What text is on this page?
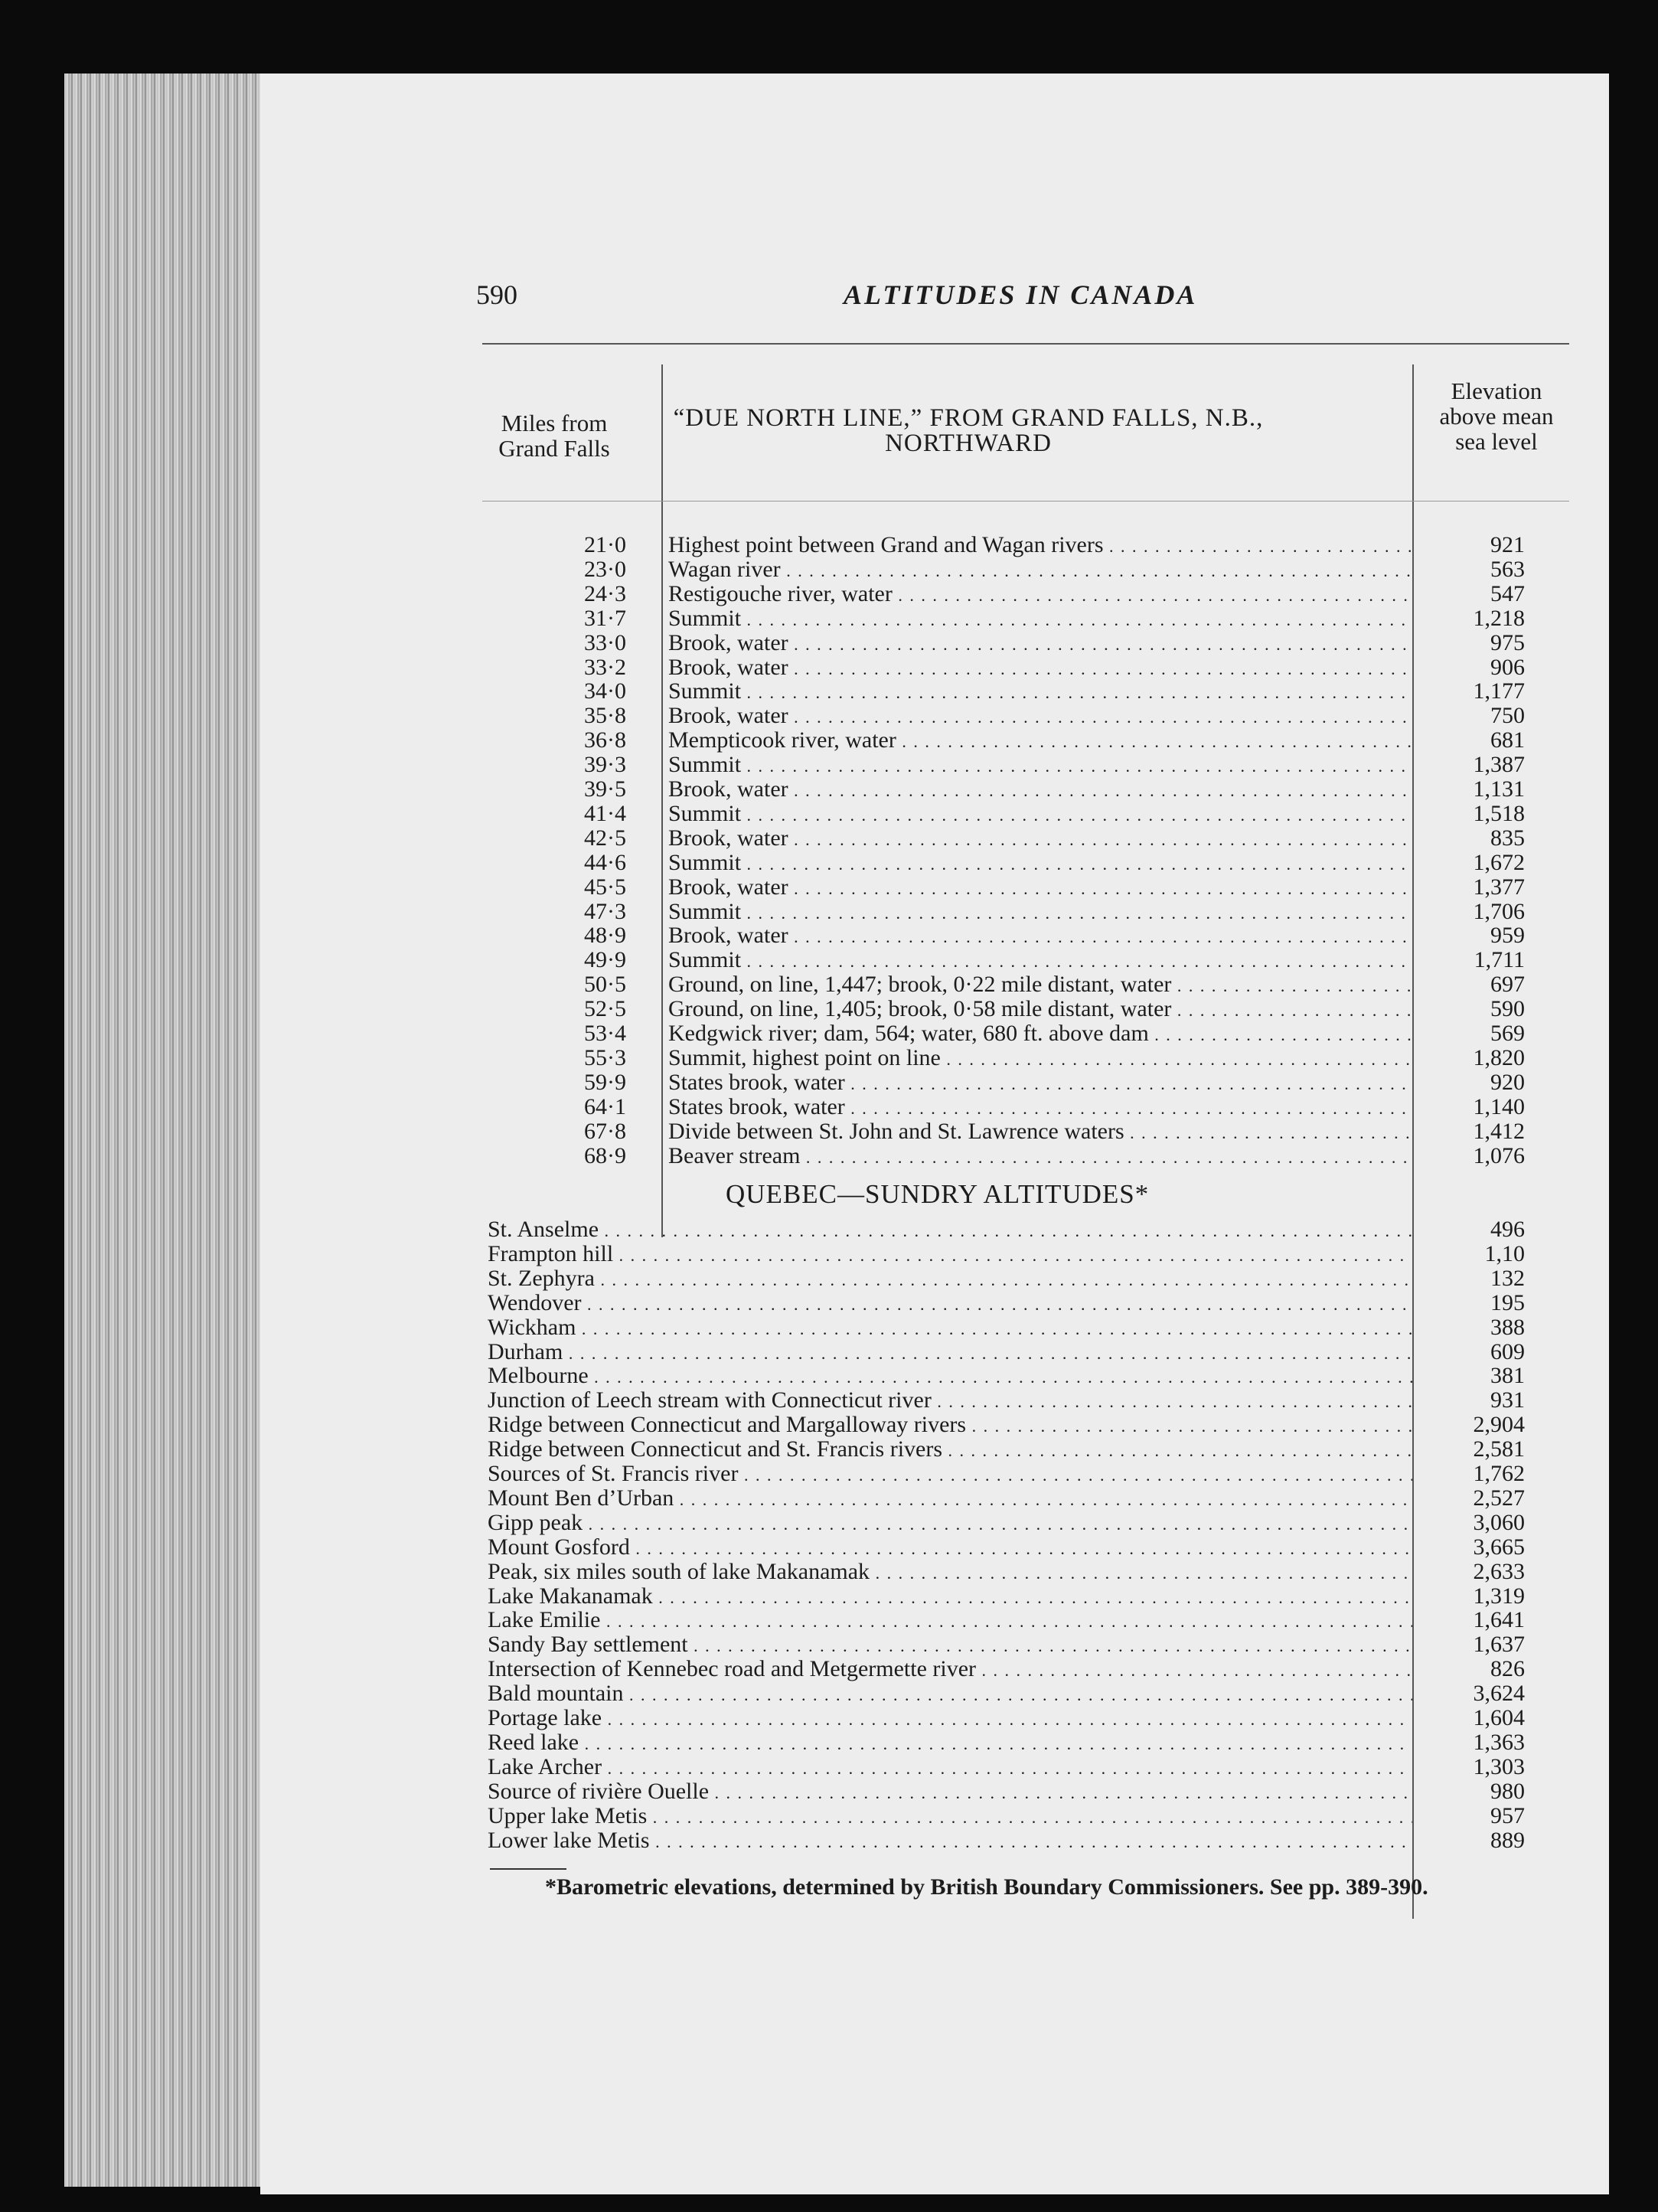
590	ALTITUDES IN CANADA
Miles from
Grand Falls
“DUE NORTH LINE,” FROM GRAND FALLS, N.B.,
NORTHWARD
Elevation
above mean
sea level
21·0 Highest point between Grand and Wagan rivers . . .	921
23·0 Wagan river . . .	563
24·3 Restigouche river, water . . .	547
31·7 Summit . . .	1,218
33·0 Brook, water . . .	975
33·2 Brook, water . . .	906
34·0 Summit . . .	1,177
35·8 Brook, water . . .	750
36·8 Mempticook river, water . . .	681
39·3 Summit . . .	1,387
39·5 Brook, water . . .	1,131
41·4 Summit . . .	1,518
42·5 Brook, water . . .	835
44·6 Summit . . .	1,672
45·5 Brook, water . . .	1,377
47·3 Summit . . .	1,706
48·9 Brook, water . . .	959
49·9 Summit . . .	1,711
50·5 Ground, on line, 1,447; brook, 0·22 mile distant, water . . .	697
52·5 Ground, on line, 1,405; brook, 0·58 mile distant, water . . .	590
53·4 Kedgwick river; dam, 564; water, 680 ft. above dam . . .	569
55·3 Summit, highest point on line . . .	1,820
59·9 States brook, water . . .	920
64·1 States brook, water . . .	1,140
67·8 Divide between St. John and St. Lawrence waters . . .	1,412
68·9 Beaver stream . . .	1,076
QUEBEC—SUNDRY ALTITUDES*
St. Anselme . . .	496
Frampton hill . . .	1,10
St. Zephyra . . .	132
Wendover . . .	195
Wickham . . .	388
Durham . . .	609
Melbourne . . .	381
Junction of Leech stream with Connecticut river . . .	931
Ridge between Connecticut and Margalloway rivers . . .	2,904
Ridge between Connecticut and St. Francis rivers . . .	2,581
Sources of St. Francis river . . .	1,762
Mount Ben d’Urban . . .	2,527
Gipp peak . . .	3,060
Mount Gosford . . .	3,665
Peak, six miles south of lake Makanamak . . .	2,633
Lake Makanamak . . .	1,319
Lake Emilie . . .	1,641
Sandy Bay settlement . . .	1,637
Intersection of Kennebec road and Metgermette river . . .	826
Bald mountain . . .	3,624
Portage lake . . .	1,604
Reed lake . . .	1,363
Lake Archer . . .	1,303
Source of rivière Ouelle . . .	980
Upper lake Metis . . .	957
Lower lake Metis . . .	889
*Barometric elevations, determined by British Boundary Commissioners. See pp. 389-390.
